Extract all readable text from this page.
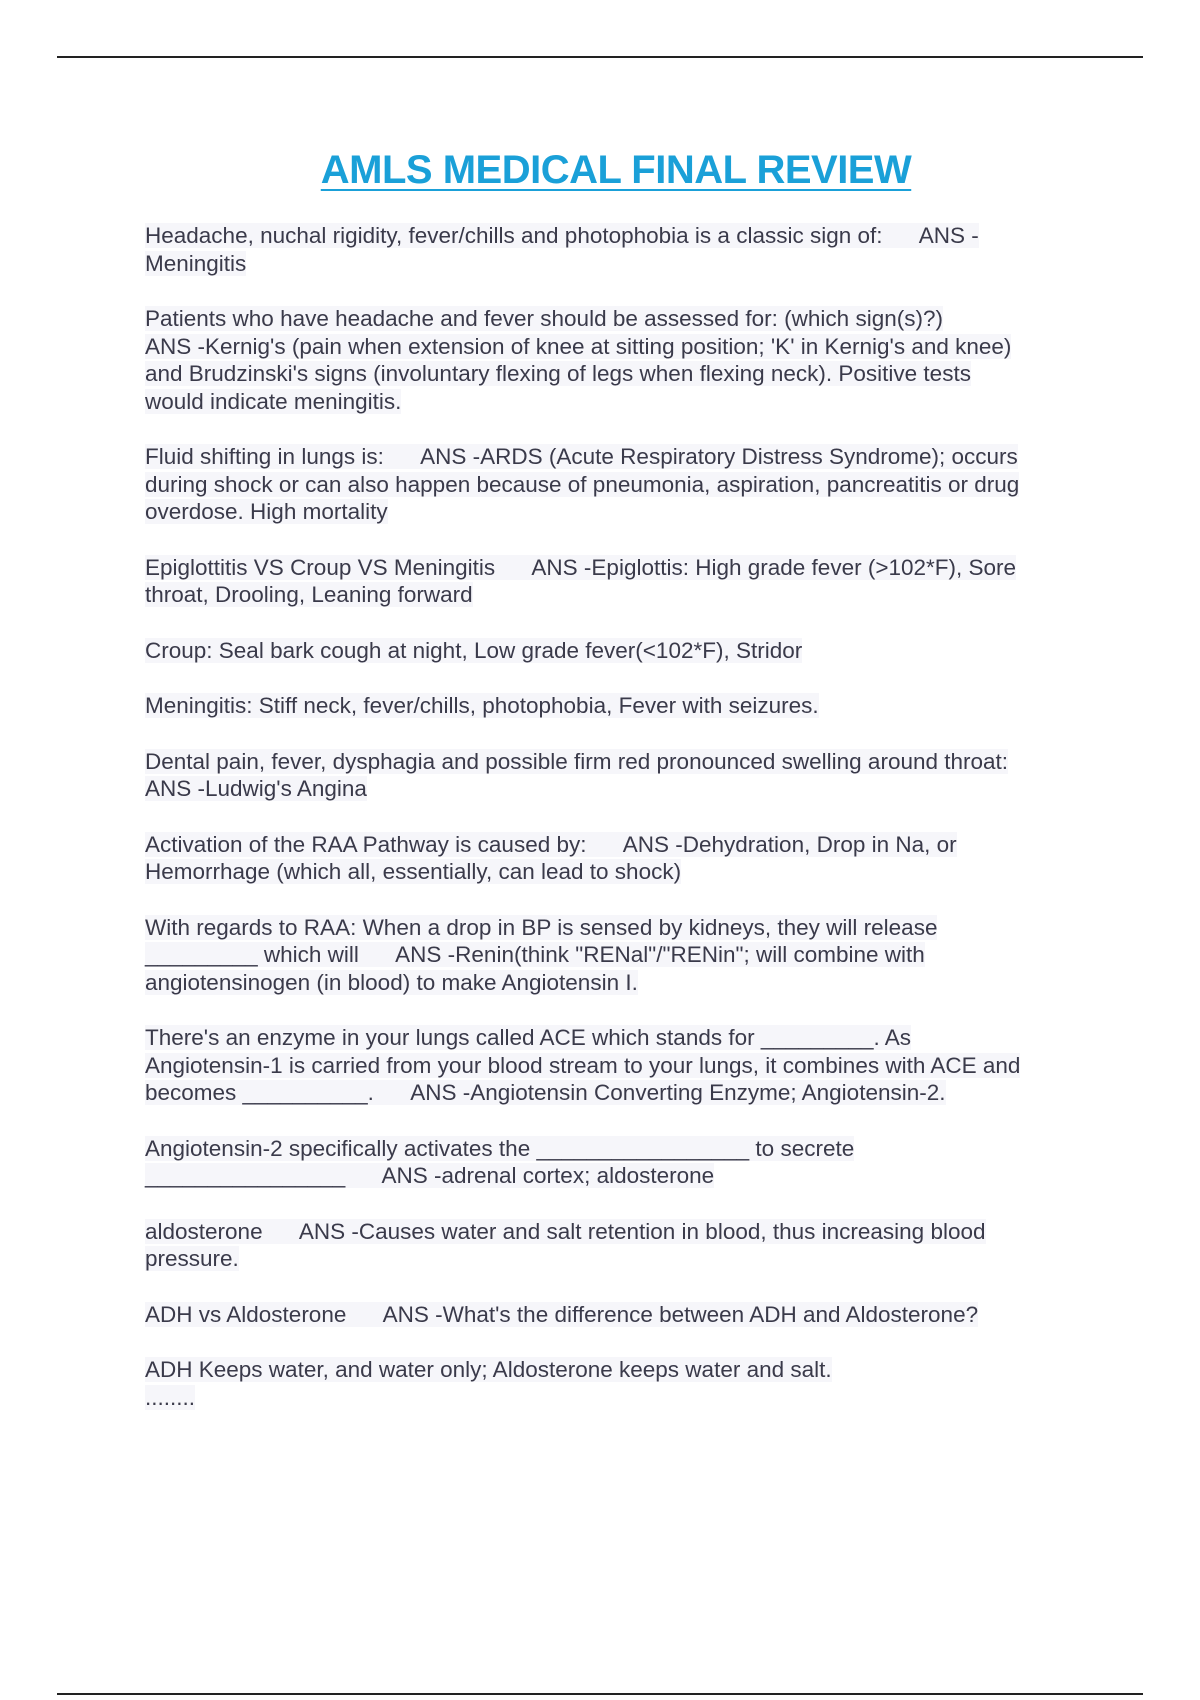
AMLS MEDICAL FINAL REVIEW

Headache, nuchal rigidity, fever/chills and photophobia is a classic sign of:      ANS -
Meningitis

Patients who have headache and fever should be assessed for: (which sign(s)?)
ANS -Kernig's (pain when extension of knee at sitting position; 'K' in Kernig's and knee)
and Brudzinski's signs (involuntary flexing of legs when flexing neck). Positive tests
would indicate meningitis.

Fluid shifting in lungs is:      ANS -ARDS (Acute Respiratory Distress Syndrome); occurs
during shock or can also happen because of pneumonia, aspiration, pancreatitis or drug
overdose. High mortality

Epiglottitis VS Croup VS Meningitis      ANS -Epiglottis: High grade fever (>102*F), Sore
throat, Drooling, Leaning forward

Croup: Seal bark cough at night, Low grade fever(<102*F), Stridor

Meningitis: Stiff neck, fever/chills, photophobia, Fever with seizures.

Dental pain, fever, dysphagia and possible firm red pronounced swelling around throat:
ANS -Ludwig's Angina

Activation of the RAA Pathway is caused by:      ANS -Dehydration, Drop in Na, or
Hemorrhage (which all, essentially, can lead to shock)

With regards to RAA: When a drop in BP is sensed by kidneys, they will release
_________ which will      ANS -Renin(think "RENal"/"RENin"; will combine with
angiotensinogen (in blood) to make Angiotensin I.

There's an enzyme in your lungs called ACE which stands for _________. As
Angiotensin-1 is carried from your blood stream to your lungs, it combines with ACE and
becomes __________.      ANS -Angiotensin Converting Enzyme; Angiotensin-2.

Angiotensin-2 specifically activates the _________________ to secrete
________________      ANS -adrenal cortex; aldosterone

aldosterone      ANS -Causes water and salt retention in blood, thus increasing blood
pressure.

ADH vs Aldosterone      ANS -What's the difference between ADH and Aldosterone?

ADH Keeps water, and water only; Aldosterone keeps water and salt.

........
